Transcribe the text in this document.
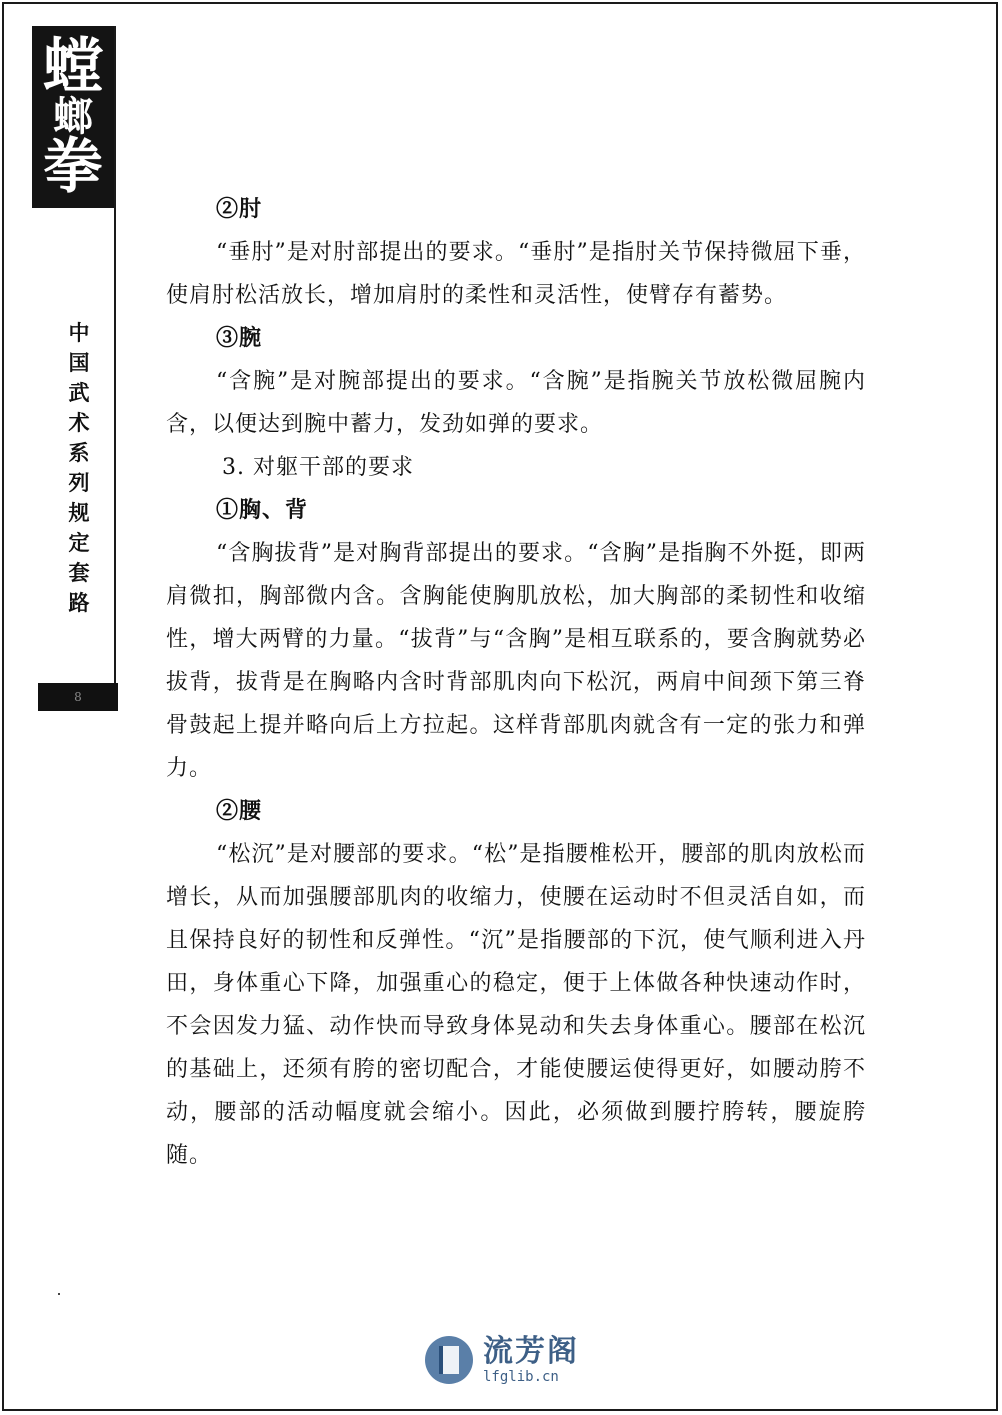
螳
螂
拳
中
国
武
术
系
列
规
定
套
路
8

②肘

“垂肘”是对肘部提出的要求。“垂肘”是指肘关节保持微屈下垂，使肩肘松活放长，增加肩肘的柔性和灵活性，使臂存有蓄势。

③腕

“含腕”是对腕部提出的要求。“含腕”是指腕关节放松微屈腕内含，以便达到腕中蓄力，发劲如弹的要求。

3. 对躯干部的要求

①胸、背

“含胸拔背”是对胸背部提出的要求。“含胸”是指胸不外挺，即两肩微扣，胸部微内含。含胸能使胸肌放松，加大胸部的柔韧性和收缩性，增大两臂的力量。“拔背”与“含胸”是相互联系的，要含胸就势必拔背，拔背是在胸略内含时背部肌肉向下松沉，两肩中间颈下第三脊骨鼓起上提并略向后上方拉起。这样背部肌肉就含有一定的张力和弹力。

②腰

“松沉”是对腰部的要求。“松”是指腰椎松开，腰部的肌肉放松而增长，从而加强腰部肌肉的收缩力，使腰在运动时不但灵活自如，而且保持良好的韧性和反弹性。“沉”是指腰部的下沉，使气顺利进入丹田，身体重心下降，加强重心的稳定，便于上体做各种快速动作时，不会因发力猛、动作快而导致身体晃动和失去身体重心。腰部在松沉的基础上，还须有胯的密切配合，才能使腰运使得更好，如腰动胯不动，腰部的活动幅度就会缩小。因此，必须做到腰拧胯转，腰旋胯随。

流芳阁
lfglib.cn
